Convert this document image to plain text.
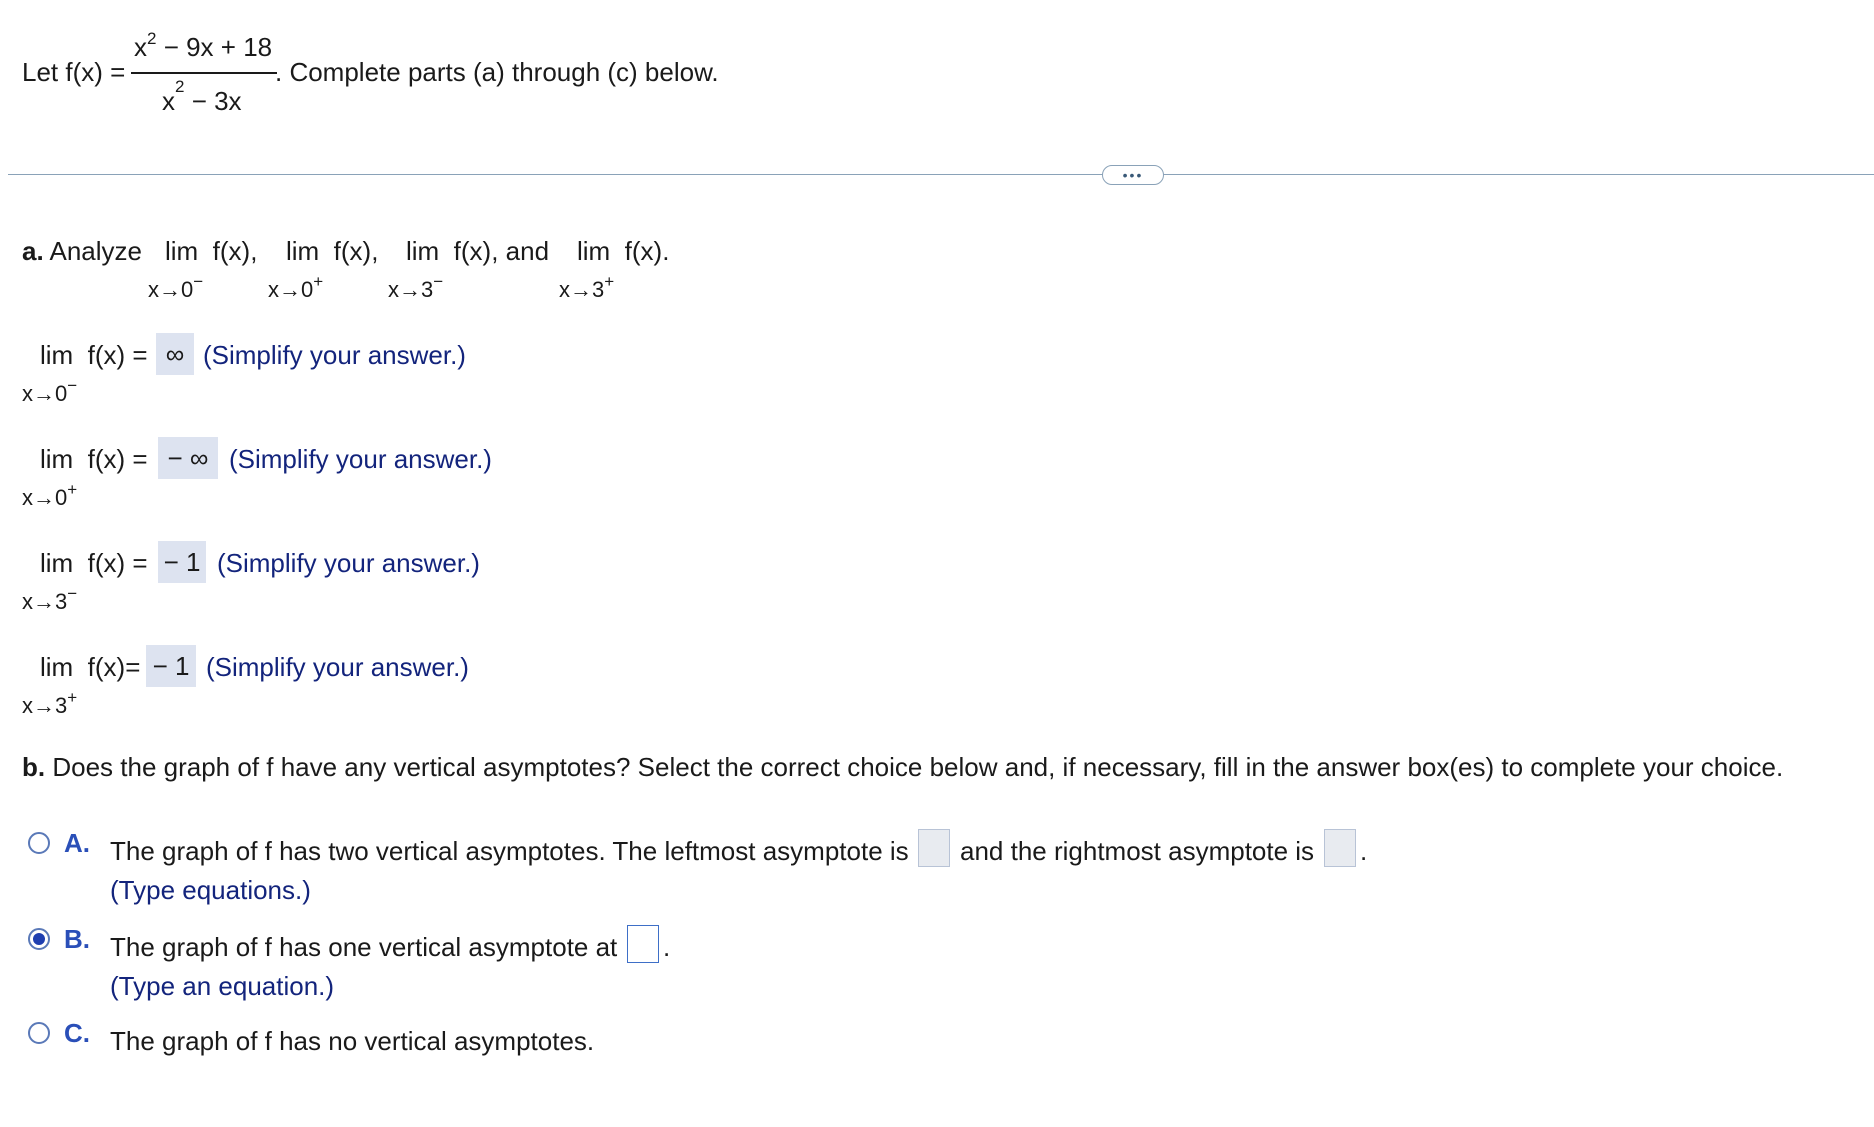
Let f(x) =
$x^2 - 9x + 18$
$x^2 - 3x$
. Complete parts (a) through (c) below.
•••
a. Analyze lim f(x),
x→0−
lim f(x),
x→0+
lim f(x), and
x→3−
lim f(x).
x→3+
lim f(x) =
x→0−
∞ (Simplify your answer.)
lim f(x) =
x→0+
− ∞ (Simplify your answer.)
lim f(x) =
x→3−
− 1 (Simplify your answer.)
lim f(x)=
x→3+
− 1 (Simplify your answer.)
b. Does the graph of f have any vertical asymptotes? Select the correct choice below and, if necessary, fill in the answer box(es) to complete your choice.
A. The graph of f has two vertical asymptotes. The leftmost asymptote is and the rightmost asymptote is .
(Type equations.)
B. The graph of f has one vertical asymptote at .
(Type an equation.)
C. The graph of f has no vertical asymptotes.
